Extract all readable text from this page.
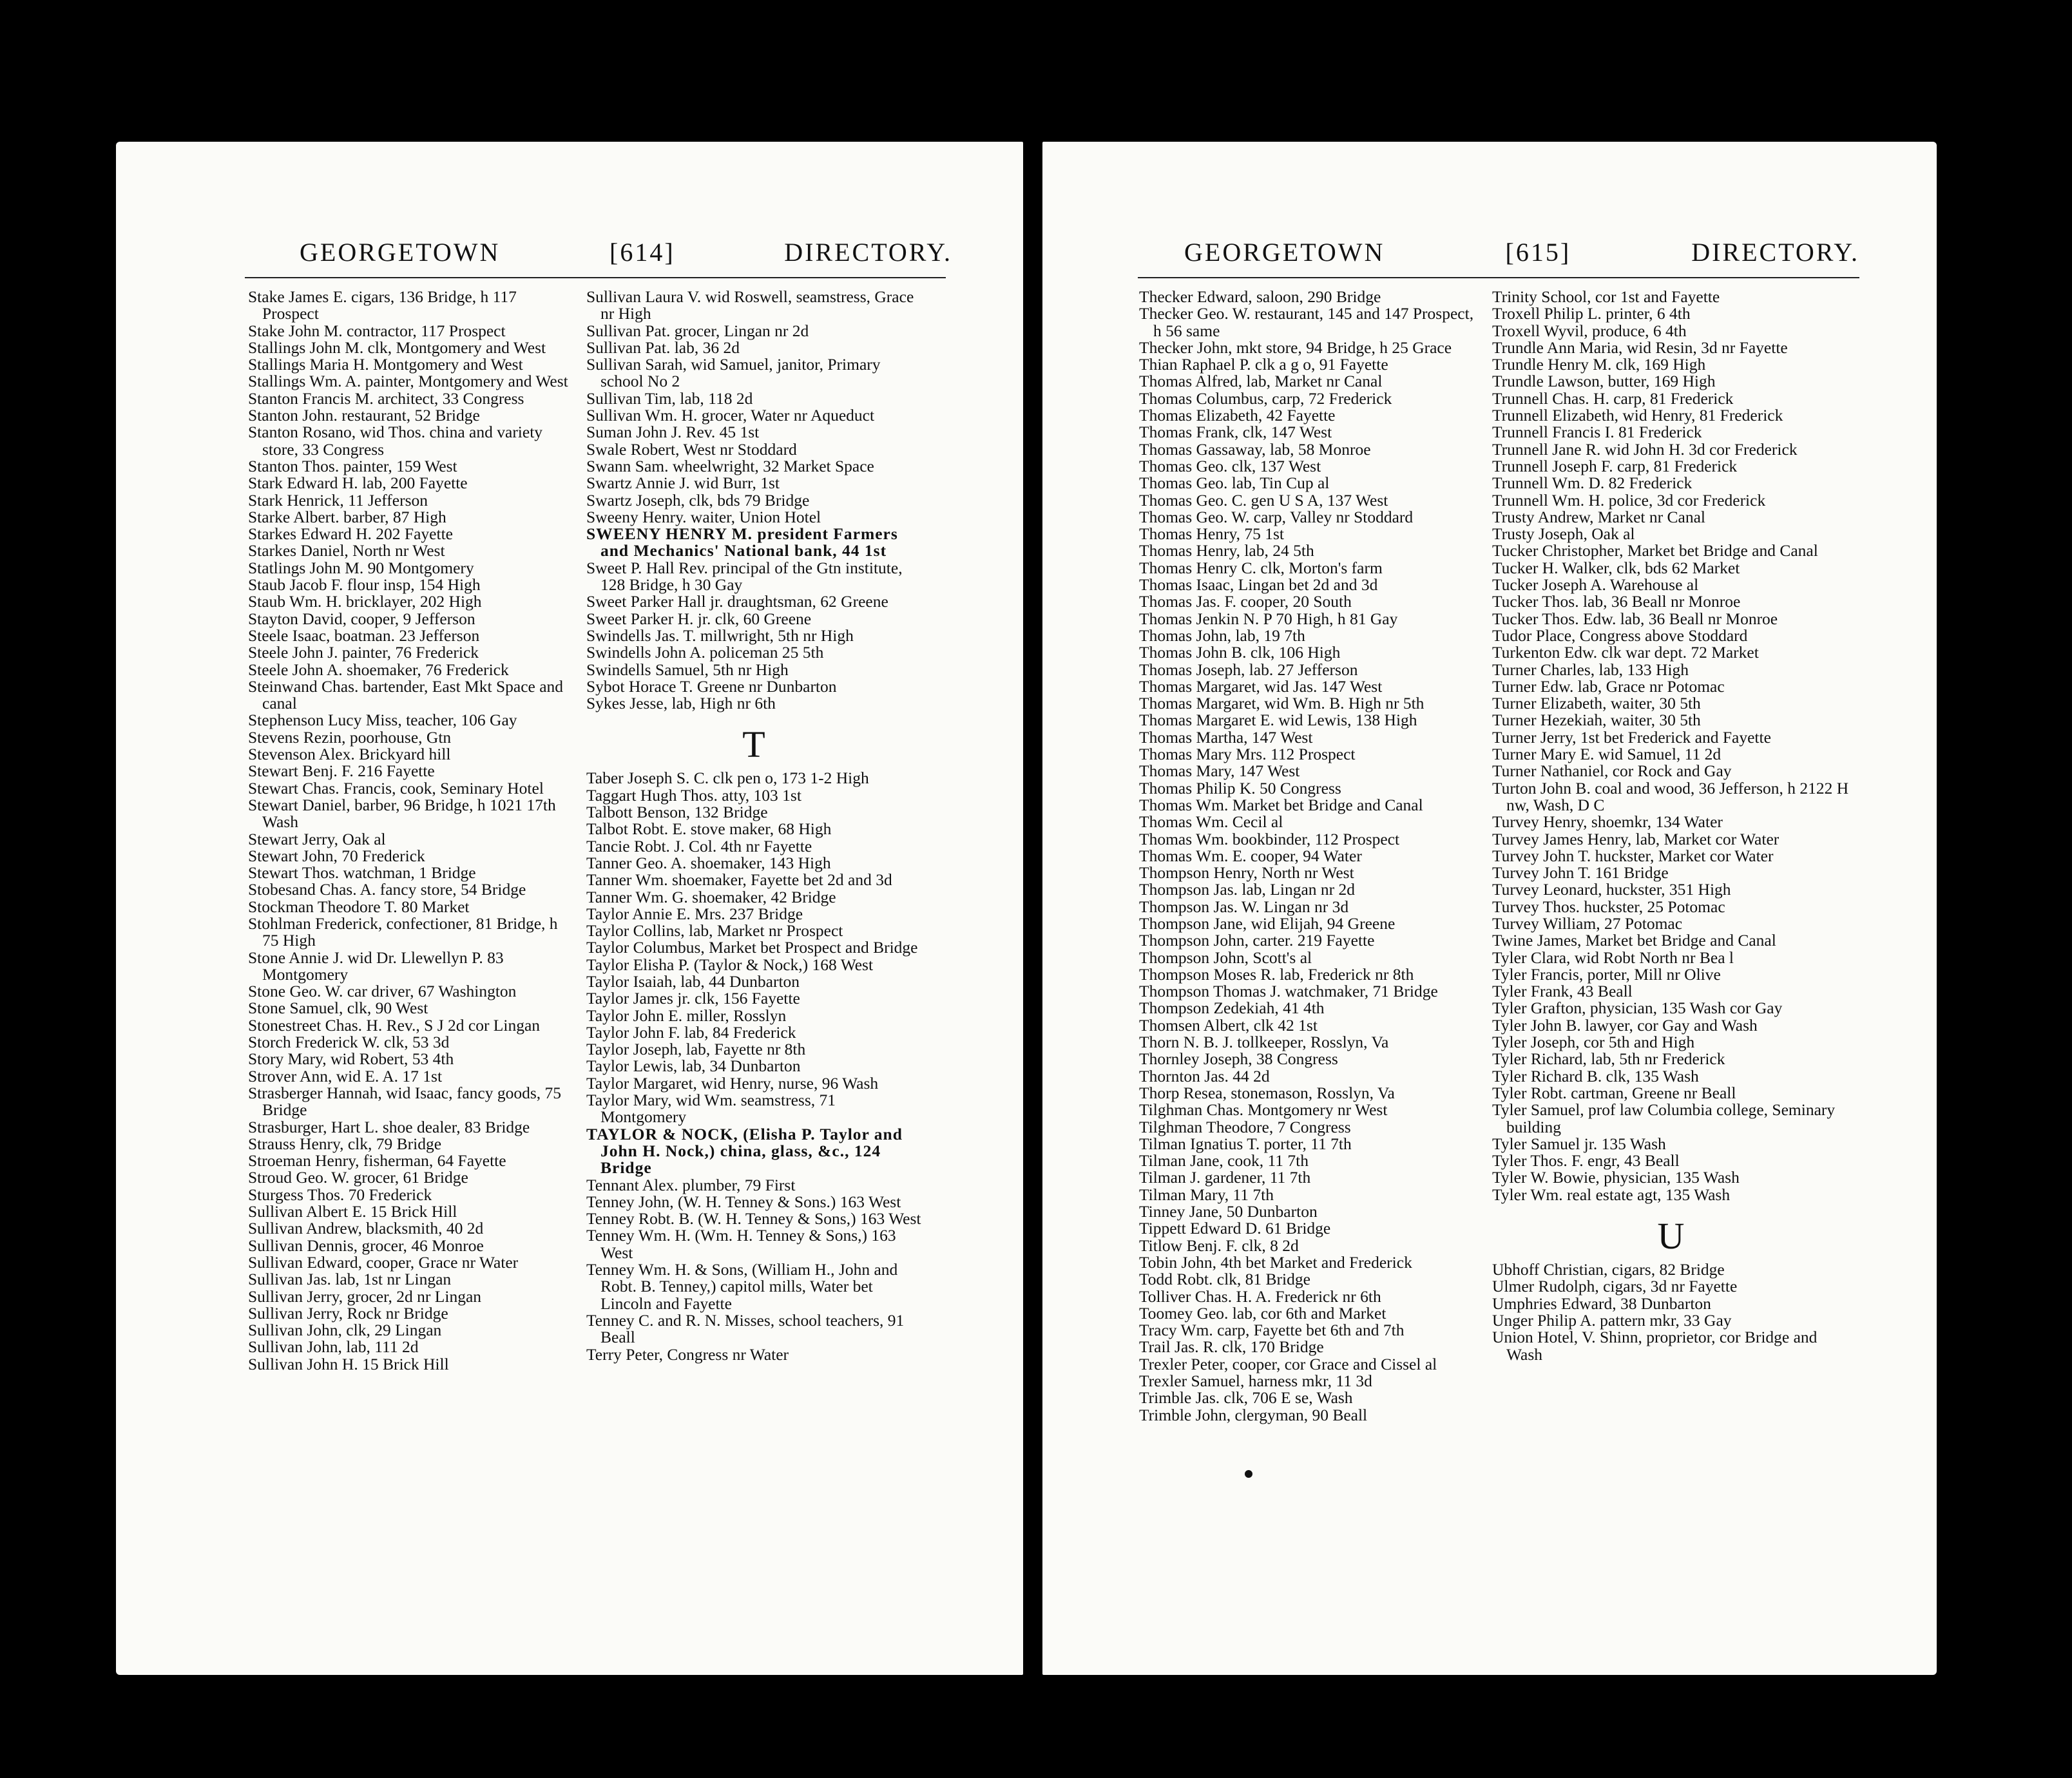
GEORGETOWN	[614]	DIRECTORY.
Stake James E. cigars, 136 Bridge, h 117 Prospect
Stake John M. contractor, 117 Prospect
Stallings John M. clk, Montgomery and West
Stallings Maria H. Montgomery and West
Stallings Wm. A. painter, Montgomery and West
Stanton Francis M. architect, 33 Congress
Stanton John. restaurant, 52 Bridge
Stanton Rosano, wid Thos. china and variety store, 33 Congress
Stanton Thos. painter, 159 West
Stark Edward H. lab, 200 Fayette
Stark Henrick, 11 Jefferson
Starke Albert. barber, 87 High
Starkes Edward H. 202 Fayette
Starkes Daniel, North nr West
Statlings John M. 90 Montgomery
Staub Jacob F. flour insp, 154 High
Staub Wm. H. bricklayer, 202 High
Stayton David, cooper, 9 Jefferson
Steele Isaac, boatman. 23 Jefferson
Steele John J. painter, 76 Frederick
Steele John A. shoemaker, 76 Frederick
Steinwand Chas. bartender, East Mkt Space and canal
Stephenson Lucy Miss, teacher, 106 Gay
Stevens Rezin, poorhouse, Gtn
Stevenson Alex. Brickyard hill
Stewart Benj. F. 216 Fayette
Stewart Chas. Francis, cook, Seminary Hotel
Stewart Daniel, barber, 96 Bridge, h 1021 17th Wash
Stewart Jerry, Oak al
Stewart John, 70 Frederick
Stewart Thos. watchman, 1 Bridge
Stobesand Chas. A. fancy store, 54 Bridge
Stockman Theodore T. 80 Market
Stohlman Frederick, confectioner, 81 Bridge, h 75 High
Stone Annie J. wid Dr. Llewellyn P. 83 Montgomery
Stone Geo. W. car driver, 67 Washington
Stone Samuel, clk, 90 West
Stonestreet Chas. H. Rev., S J 2d cor Lingan
Storch Frederick W. clk, 53 3d
Story Mary, wid Robert, 53 4th
Strover Ann, wid E. A. 17 1st
Strasberger Hannah, wid Isaac, fancy goods, 75 Bridge
Strasburger, Hart L. shoe dealer, 83 Bridge
Strauss Henry, clk, 79 Bridge
Stroeman Henry, fisherman, 64 Fayette
Stroud Geo. W. grocer, 61 Bridge
Sturgess Thos. 70 Frederick
Sullivan Albert E. 15 Brick Hill
Sullivan Andrew, blacksmith, 40 2d
Sullivan Dennis, grocer, 46 Monroe
Sullivan Edward, cooper, Grace nr Water
Sullivan Jas. lab, 1st nr Lingan
Sullivan Jerry, grocer, 2d nr Lingan
Sullivan Jerry, Rock nr Bridge
Sullivan John, clk, 29 Lingan
Sullivan John, lab, 111 2d
Sullivan John H. 15 Brick Hill
Sullivan Laura V. wid Roswell, seamstress, Grace nr High
Sullivan Pat. grocer, Lingan nr 2d
Sullivan Pat. lab, 36 2d
Sullivan Sarah, wid Samuel, janitor, Primary school No 2
Sullivan Tim, lab, 118 2d
Sullivan Wm. H. grocer, Water nr Aqueduct
Suman John J. Rev. 45 1st
Swale Robert, West nr Stoddard
Swann Sam. wheelwright, 32 Market Space
Swartz Annie J. wid Burr, 1st
Swartz Joseph, clk, bds 79 Bridge
Sweeny Henry. waiter, Union Hotel
SWEENY HENRY M. president Farmers and Mechanics' National bank, 44 1st
Sweet P. Hall Rev. principal of the Gtn institute, 128 Bridge, h 30 Gay
Sweet Parker Hall jr. draughtsman, 62 Greene
Sweet Parker H. jr. clk, 60 Greene
Swindells Jas. T. millwright, 5th nr High
Swindells John A. policeman 25 5th
Swindells Samuel, 5th nr High
Sybot Horace T. Greene nr Dunbarton
Sykes Jesse, lab, High nr 6th
T
Taber Joseph S. C. clk pen o, 173 1-2 High
Taggart Hugh Thos. atty, 103 1st
Talbott Benson, 132 Bridge
Talbot Robt. E. stove maker, 68 High
Tancie Robt. J. Col. 4th nr Fayette
Tanner Geo. A. shoemaker, 143 High
Tanner Wm. shoemaker, Fayette bet 2d and 3d
Tanner Wm. G. shoemaker, 42 Bridge
Taylor Annie E. Mrs. 237 Bridge
Taylor Collins, lab, Market nr Prospect
Taylor Columbus, Market bet Prospect and Bridge
Taylor Elisha P. (Taylor & Nock,) 168 West
Taylor Isaiah, lab, 44 Dunbarton
Taylor James jr. clk, 156 Fayette
Taylor John E. miller, Rosslyn
Taylor John F. lab, 84 Frederick
Taylor Joseph, lab, Fayette nr 8th
Taylor Lewis, lab, 34 Dunbarton
Taylor Margaret, wid Henry, nurse, 96 Wash
Taylor Mary, wid Wm. seamstress, 71 Montgomery
TAYLOR & NOCK, (Elisha P. Taylor and John H. Nock,) china, glass, &c., 124 Bridge
Tennant Alex. plumber, 79 First
Tenney John, (W. H. Tenney & Sons.) 163 West
Tenney Robt. B. (W. H. Tenney & Sons,) 163 West
Tenney Wm. H. (Wm. H. Tenney & Sons,) 163 West
Tenney Wm. H. & Sons, (William H., John and Robt. B. Tenney,) capitol mills, Water bet Lincoln and Fayette
Tenney C. and R. N. Misses, school teachers, 91 Beall
Terry Peter, Congress nr Water
GEORGETOWN	[615]	DIRECTORY.
Thecker Edward, saloon, 290 Bridge
Thecker Geo. W. restaurant, 145 and 147 Prospect, h 56 same
Thecker John, mkt store, 94 Bridge, h 25 Grace
Thian Raphael P. clk a g o, 91 Fayette
Thomas Alfred, lab, Market nr Canal
Thomas Columbus, carp, 72 Frederick
Thomas Elizabeth, 42 Fayette
Thomas Frank, clk, 147 West
Thomas Gassaway, lab, 58 Monroe
Thomas Geo. clk, 137 West
Thomas Geo. lab, Tin Cup al
Thomas Geo. C. gen U S A, 137 West
Thomas Geo. W. carp, Valley nr Stoddard
Thomas Henry, 75 1st
Thomas Henry, lab, 24 5th
Thomas Henry C. clk, Morton's farm
Thomas Isaac, Lingan bet 2d and 3d
Thomas Jas. F. cooper, 20 South
Thomas Jenkin N. P 70 High, h 81 Gay
Thomas John, lab, 19 7th
Thomas John B. clk, 106 High
Thomas Joseph, lab. 27 Jefferson
Thomas Margaret, wid Jas. 147 West
Thomas Margaret, wid Wm. B. High nr 5th
Thomas Margaret E. wid Lewis, 138 High
Thomas Martha, 147 West
Thomas Mary Mrs. 112 Prospect
Thomas Mary, 147 West
Thomas Philip K. 50 Congress
Thomas Wm. Market bet Bridge and Canal
Thomas Wm. Cecil al
Thomas Wm. bookbinder, 112 Prospect
Thomas Wm. E. cooper, 94 Water
Thompson Henry, North nr West
Thompson Jas. lab, Lingan nr 2d
Thompson Jas. W. Lingan nr 3d
Thompson Jane, wid Elijah, 94 Greene
Thompson John, carter. 219 Fayette
Thompson John, Scott's al
Thompson Moses R. lab, Frederick nr 8th
Thompson Thomas J. watchmaker, 71 Bridge
Thompson Zedekiah, 41 4th
Thomsen Albert, clk 42 1st
Thorn N. B. J. tollkeeper, Rosslyn, Va
Thornley Joseph, 38 Congress
Thornton Jas. 44 2d
Thorp Resea, stonemason, Rosslyn, Va
Tilghman Chas. Montgomery nr West
Tilghman Theodore, 7 Congress
Tilman Ignatius T. porter, 11 7th
Tilman Jane, cook, 11 7th
Tilman J. gardener, 11 7th
Tilman Mary, 11 7th
Tinney Jane, 50 Dunbarton
Tippett Edward D. 61 Bridge
Titlow Benj. F. clk, 8 2d
Tobin John, 4th bet Market and Frederick
Todd Robt. clk, 81 Bridge
Tolliver Chas. H. A. Frederick nr 6th
Toomey Geo. lab, cor 6th and Market
Tracy Wm. carp, Fayette bet 6th and 7th
Trail Jas. R. clk, 170 Bridge
Trexler Peter, cooper, cor Grace and Cissel al
Trexler Samuel, harness mkr, 11 3d
Trimble Jas. clk, 706 E se, Wash
Trimble John, clergyman, 90 Beall
Trinity School, cor 1st and Fayette
Troxell Philip L. printer, 6 4th
Troxell Wyvil, produce, 6 4th
Trundle Ann Maria, wid Resin, 3d nr Fayette
Trundle Henry M. clk, 169 High
Trundle Lawson, butter, 169 High
Trunnell Chas. H. carp, 81 Frederick
Trunnell Elizabeth, wid Henry, 81 Frederick
Trunnell Francis I. 81 Frederick
Trunnell Jane R. wid John H. 3d cor Frederick
Trunnell Joseph F. carp, 81 Frederick
Trunnell Wm. D. 82 Frederick
Trunnell Wm. H. police, 3d cor Frederick
Trusty Andrew, Market nr Canal
Trusty Joseph, Oak al
Tucker Christopher, Market bet Bridge and Canal
Tucker H. Walker, clk, bds 62 Market
Tucker Joseph A. Warehouse al
Tucker Thos. lab, 36 Beall nr Monroe
Tucker Thos. Edw. lab, 36 Beall nr Monroe
Tudor Place, Congress above Stoddard
Turkenton Edw. clk war dept. 72 Market
Turner Charles, lab, 133 High
Turner Edw. lab, Grace nr Potomac
Turner Elizabeth, waiter, 30 5th
Turner Hezekiah, waiter, 30 5th
Turner Jerry, 1st bet Frederick and Fayette
Turner Mary E. wid Samuel, 11 2d
Turner Nathaniel, cor Rock and Gay
Turton John B. coal and wood, 36 Jefferson, h 2122 H nw, Wash, D C
Turvey Henry, shoemkr, 134 Water
Turvey James Henry, lab, Market cor Water
Turvey John T. huckster, Market cor Water
Turvey John T. 161 Bridge
Turvey Leonard, huckster, 351 High
Turvey Thos. huckster, 25 Potomac
Turvey William, 27 Potomac
Twine James, Market bet Bridge and Canal
Tyler Clara, wid Robt North nr Bea l
Tyler Francis, porter, Mill nr Olive
Tyler Frank, 43 Beall
Tyler Grafton, physician, 135 Wash cor Gay
Tyler John B. lawyer, cor Gay and Wash
Tyler Joseph, cor 5th and High
Tyler Richard, lab, 5th nr Frederick
Tyler Richard B. clk, 135 Wash
Tyler Robt. cartman, Greene nr Beall
Tyler Samuel, prof law Columbia college, Seminary building
Tyler Samuel jr. 135 Wash
Tyler Thos. F. engr, 43 Beall
Tyler W. Bowie, physician, 135 Wash
Tyler Wm. real estate agt, 135 Wash
U
Ubhoff Christian, cigars, 82 Bridge
Ulmer Rudolph, cigars, 3d nr Fayette
Umphries Edward, 38 Dunbarton
Unger Philip A. pattern mkr, 33 Gay
Union Hotel, V. Shinn, proprietor, cor Bridge and Wash
